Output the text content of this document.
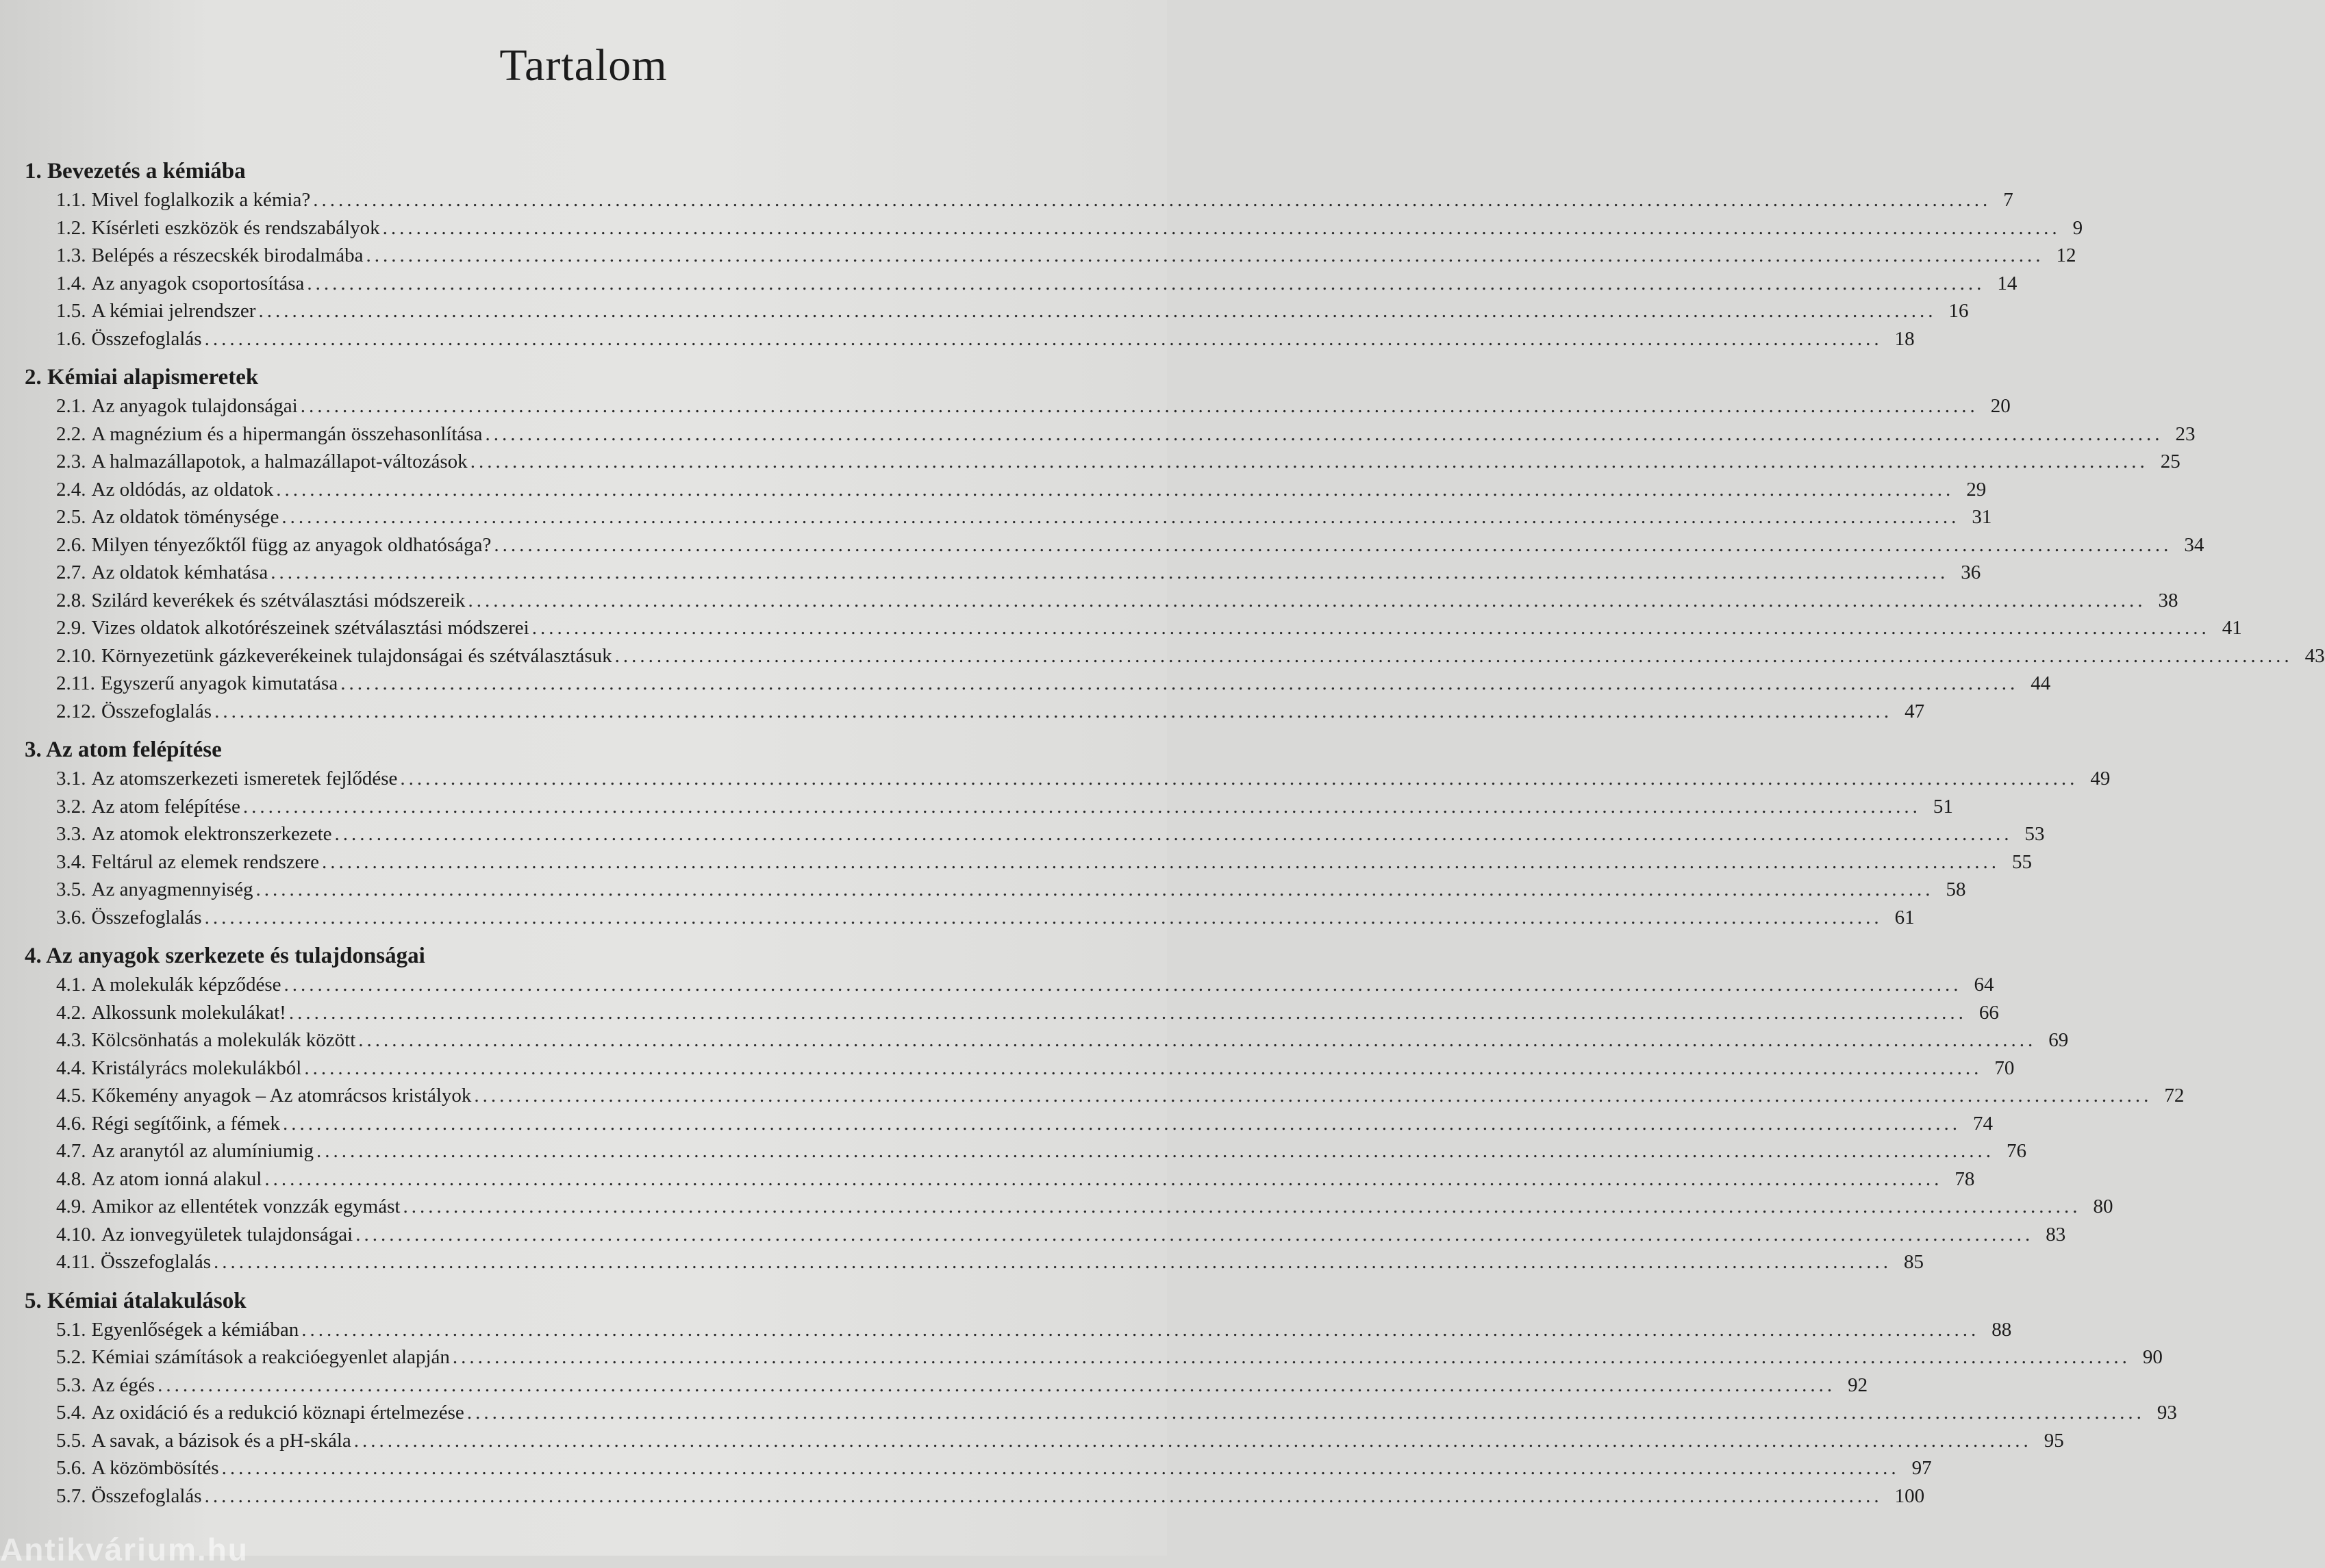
Tartalom
1. Bevezetés a kémiába
1.1. Mivel foglalkozik a kémia? ........................................................................................................................................................................................................ 7
1.2. Kísérleti eszközök és rendszabályok ........................................................................................................................................................................................................ 9
1.3. Belépés a részecskék birodalmába ........................................................................................................................................................................................................ 12
1.4. Az anyagok csoportosítása ........................................................................................................................................................................................................ 14
1.5. A kémiai jelrendszer ........................................................................................................................................................................................................ 16
1.6. Összefoglalás ........................................................................................................................................................................................................ 18
2. Kémiai alapismeretek
2.1. Az anyagok tulajdonságai ........................................................................................................................................................................................................ 20
2.2. A magnézium és a hipermangán összehasonlítása ........................................................................................................................................................................................................ 23
2.3. A halmazállapotok, a halmazállapot-változások ........................................................................................................................................................................................................ 25
2.4. Az oldódás, az oldatok ........................................................................................................................................................................................................ 29
2.5. Az oldatok töménysége ........................................................................................................................................................................................................ 31
2.6. Milyen tényezőktől függ az anyagok oldhatósága? ........................................................................................................................................................................................................ 34
2.7. Az oldatok kémhatása ........................................................................................................................................................................................................ 36
2.8. Szilárd keverékek és szétválasztási módszereik ........................................................................................................................................................................................................ 38
2.9. Vizes oldatok alkotórészeinek szétválasztási módszerei ........................................................................................................................................................................................................ 41
2.10. Környezetünk gázkeverékeinek tulajdonságai és szétválasztásuk ........................................................................................................................................................................................................ 43
2.11. Egyszerű anyagok kimutatása ........................................................................................................................................................................................................ 44
2.12. Összefoglalás ........................................................................................................................................................................................................ 47
3. Az atom felépítése
3.1. Az atomszerkezeti ismeretek fejlődése ........................................................................................................................................................................................................ 49
3.2. Az atom felépítése ........................................................................................................................................................................................................ 51
3.3. Az atomok elektronszerkezete ........................................................................................................................................................................................................ 53
3.4. Feltárul az elemek rendszere ........................................................................................................................................................................................................ 55
3.5. Az anyagmennyiség ........................................................................................................................................................................................................ 58
3.6. Összefoglalás ........................................................................................................................................................................................................ 61
4. Az anyagok szerkezete és tulajdonságai
4.1. A molekulák képződése ........................................................................................................................................................................................................ 64
4.2. Alkossunk molekulákat! ........................................................................................................................................................................................................ 66
4.3. Kölcsönhatás a molekulák között ........................................................................................................................................................................................................ 69
4.4. Kristályrács molekulákból ........................................................................................................................................................................................................ 70
4.5. Kőkemény anyagok – Az atomrácsos kristályok ........................................................................................................................................................................................................ 72
4.6. Régi segítőink, a fémek ........................................................................................................................................................................................................ 74
4.7. Az aranytól az alumíniumig ........................................................................................................................................................................................................ 76
4.8. Az atom ionná alakul ........................................................................................................................................................................................................ 78
4.9. Amikor az ellentétek vonzzák egymást ........................................................................................................................................................................................................ 80
4.10. Az ionvegyületek tulajdonságai ........................................................................................................................................................................................................ 83
4.11. Összefoglalás ........................................................................................................................................................................................................ 85
5. Kémiai átalakulások
5.1. Egyenlőségek a kémiában ........................................................................................................................................................................................................ 88
5.2. Kémiai számítások a reakcióegyenlet alapján ........................................................................................................................................................................................................ 90
5.3. Az égés ........................................................................................................................................................................................................ 92
5.4. Az oxidáció és a redukció köznapi értelmezése ........................................................................................................................................................................................................ 93
5.5. A savak, a bázisok és a pH-skála ........................................................................................................................................................................................................ 95
5.6. A közömbösítés ........................................................................................................................................................................................................ 97
5.7. Összefoglalás ........................................................................................................................................................................................................ 100
Antikvárium.hu
